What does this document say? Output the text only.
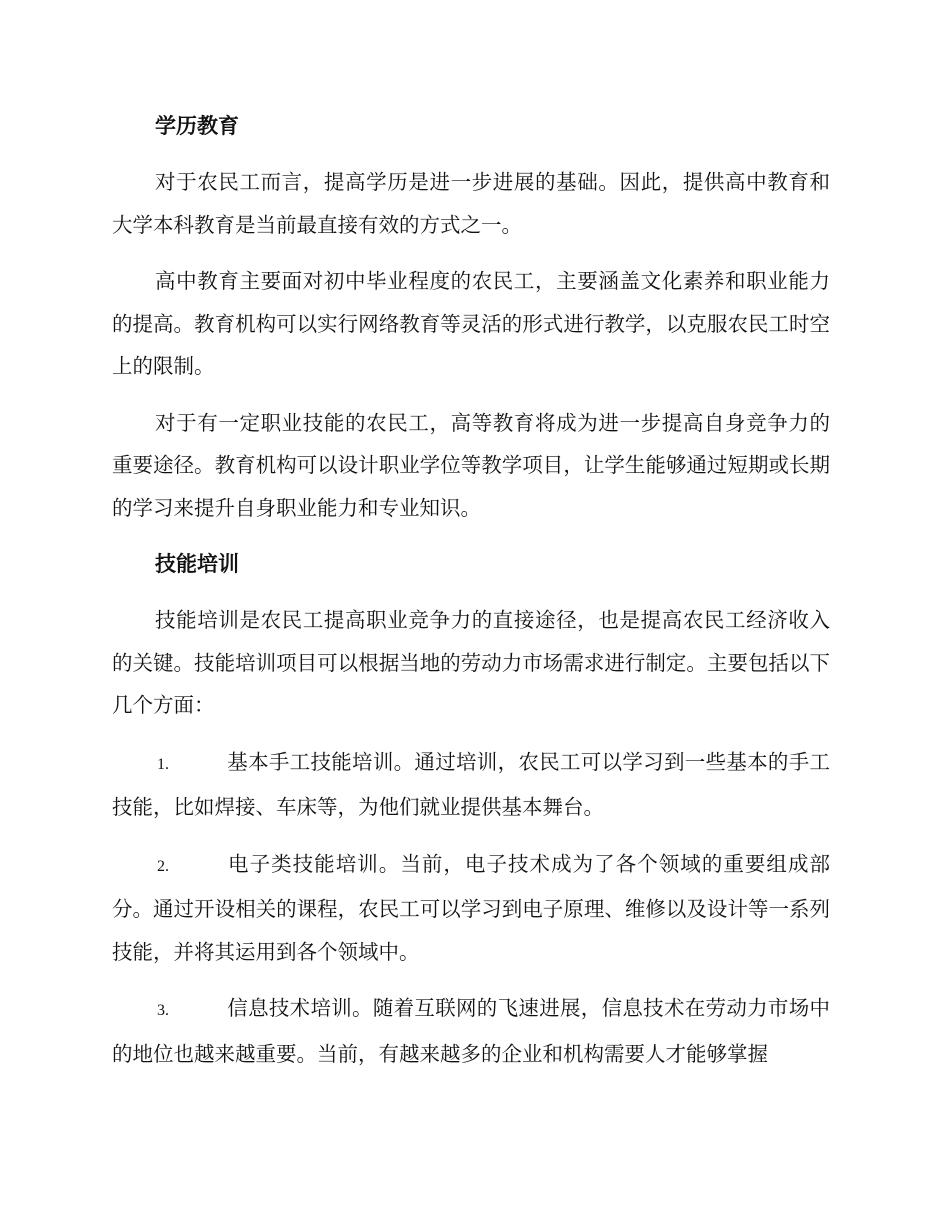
学历教育

对于农民工而言，提高学历是进一步进展的基础。因此，提供高中教育和大学本科教育是当前最直接有效的方式之一。

高中教育主要面对初中毕业程度的农民工，主要涵盖文化素养和职业能力的提高。教育机构可以实行网络教育等灵活的形式进行教学，以克服农民工时空上的限制。

对于有一定职业技能的农民工，高等教育将成为进一步提高自身竞争力的重要途径。教育机构可以设计职业学位等教学项目，让学生能够通过短期或长期的学习来提升自身职业能力和专业知识。

技能培训

技能培训是农民工提高职业竞争力的直接途径，也是提高农民工经济收入的关键。技能培训项目可以根据当地的劳动力市场需求进行制定。主要包括以下几个方面：

1.	基本手工技能培训。通过培训，农民工可以学习到一些基本的手工技能，比如焊接、车床等，为他们就业提供基本舞台。

2.	电子类技能培训。当前，电子技术成为了各个领域的重要组成部分。通过开设相关的课程，农民工可以学习到电子原理、维修以及设计等一系列技能，并将其运用到各个领域中。

3.	信息技术培训。随着互联网的飞速进展，信息技术在劳动力市场中的地位也越来越重要。当前，有越来越多的企业和机构需要人才能够掌握
